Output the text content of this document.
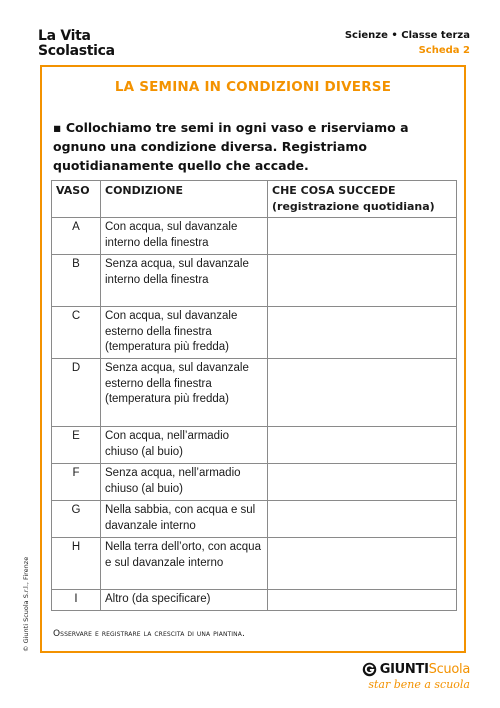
La Vita
Scolastica
Scienze • Classe terza
Scheda 2
LA SEMINA IN CONDIZIONI DIVERSE
▪ Collochiamo tre semi in ogni vaso e riserviamo a ognuno una condizione diversa. Registriamo quotidianamente quello che accade.
VASO	CONDIZIONE	CHE COSA SUCCEDE
(registrazione quotidiana)

A	Con acqua, sul davanzale interno della finestra	
B	Senza acqua, sul davanzale interno della finestra	
C	Con acqua, sul davanzale esterno della finestra (temperatura più fredda)	
D	Senza acqua, sul davanzale esterno della finestra (temperatura più fredda)	
E	Con acqua, nell’armadio chiuso (al buio)	
F	Senza acqua, nell’armadio chiuso (al buio)	
G	Nella sabbia, con acqua e sul davanzale interno	
H	Nella terra dell’orto, con acqua e sul davanzale interno	
I	Altro (da specificare)	
Osservare e registrare la crescita di una piantina.
© Giunti Scuola S.r.l., Firenze
GIUNTI Scuola
star bene a scuola
